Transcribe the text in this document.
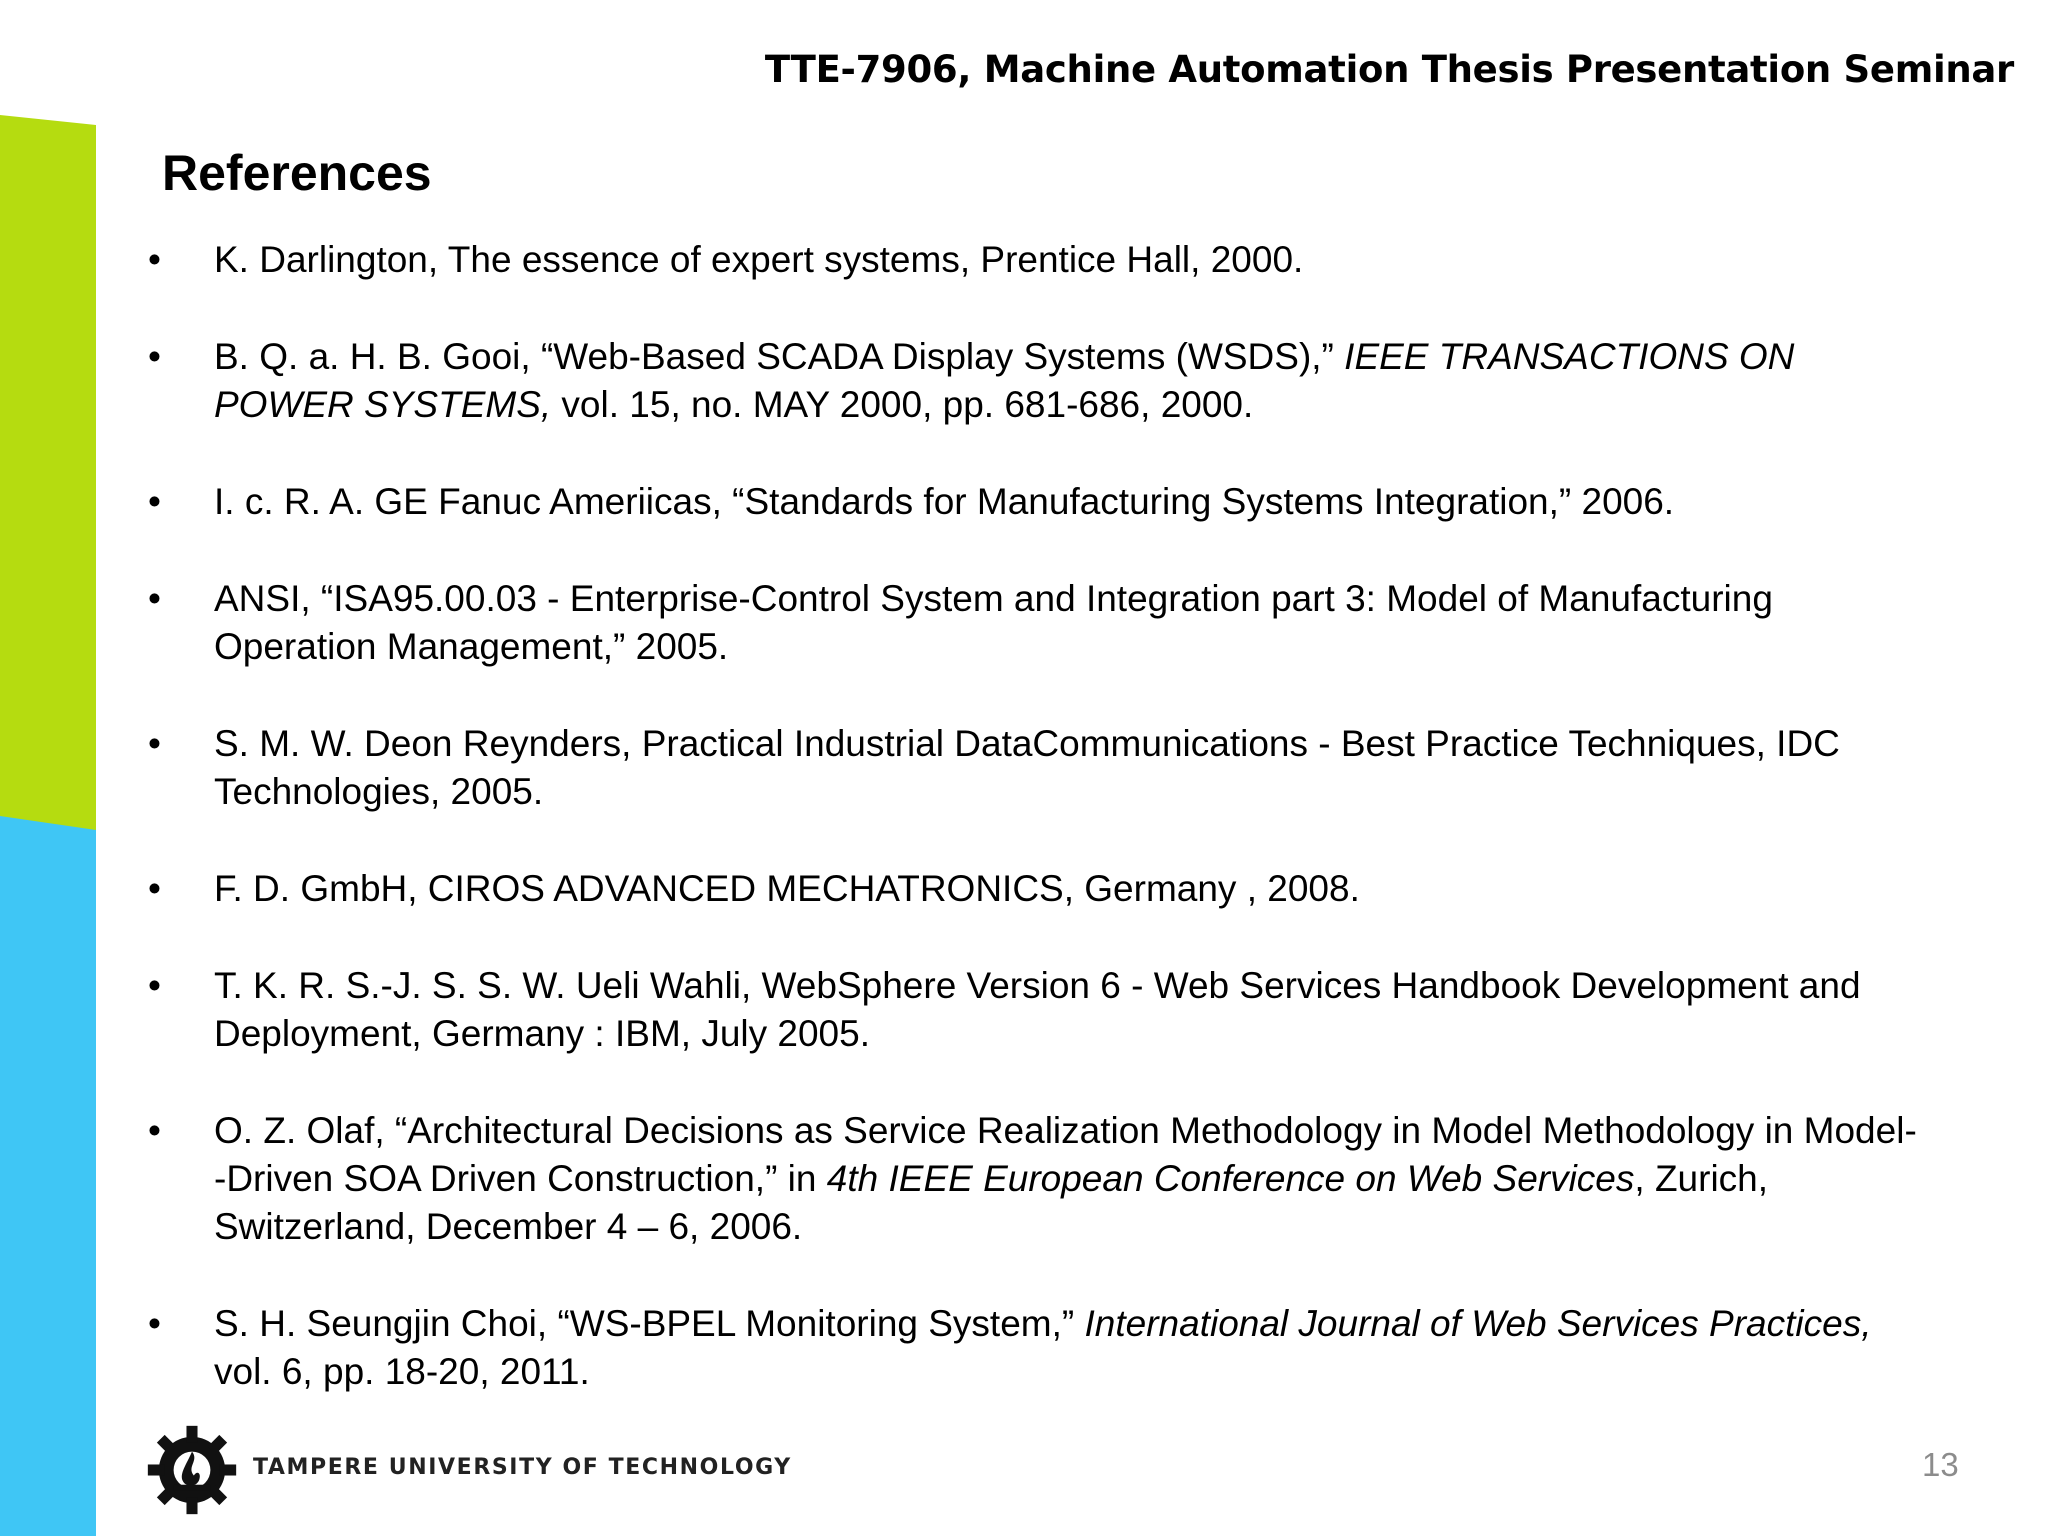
TTE-7906, Machine Automation Thesis Presentation Seminar
References
• K. Darlington, The essence of expert systems, Prentice Hall, 2000.
• B. Q. a. H. B. Gooi, “Web-Based SCADA Display Systems (WSDS),” IEEE TRANSACTIONS ON POWER SYSTEMS, vol. 15, no. MAY 2000, pp. 681-686, 2000.
• I. c. R. A. GE Fanuc Ameriicas, “Standards for Manufacturing Systems Integration,” 2006.
• ANSI, “ISA95.00.03 - Enterprise-Control System and Integration part 3: Model of Manufacturing Operation Management,” 2005.
• S. M. W. Deon Reynders, Practical Industrial DataCommunications - Best Practice Techniques, IDC Technologies, 2005.
• F. D. GmbH, CIROS ADVANCED MECHATRONICS, Germany , 2008.
• T. K. R. S.-J. S. S. W. Ueli Wahli, WebSphere Version 6 - Web Services Handbook Development and Deployment, Germany : IBM, July 2005.
• O. Z. Olaf, “Architectural Decisions as Service Realization Methodology in Model Methodology in Model--Driven SOA Driven Construction,” in 4th IEEE European Conference on Web Services, Zurich, Switzerland, December 4 – 6, 2006.
• S. H. Seungjin Choi, “WS-BPEL Monitoring System,” International Journal of Web Services Practices, vol. 6, pp. 18-20, 2011.
TAMPERE UNIVERSITY OF TECHNOLOGY	13
